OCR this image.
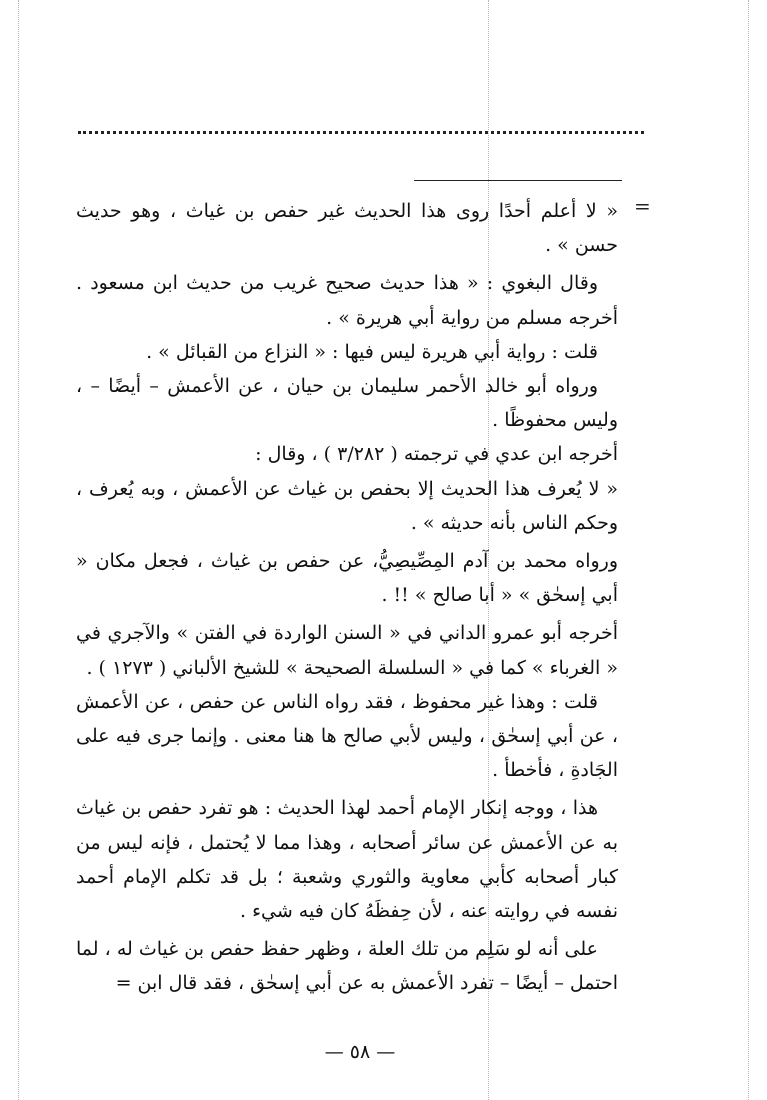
=

« لا أعلم أحدًا روى هذا الحديث غير حفص بن غياث ، وهو حديث حسن » .

وقال البغوي : « هذا حديث صحيح غريب من حديث ابن مسعود . أخرجه مسلم من رواية أبي هريرة » .

قلت : رواية أبي هريرة ليس فيها : « النزاع من القبائل » .

ورواه أبو خالد الأحمر سليمان بن حيان ، عن الأعمش – أيضًا – ، وليس محفوظًا .

أخرجه ابن عدي في ترجمته ( ٣/٢٨٢ ) ، وقال :

« لا يُعرف هذا الحديث إلا بحفص بن غياث عن الأعمش ، وبه يُعرف ، وحكم الناس بأنه حديثه » .

ورواه محمد بن آدم المِصِّيصِيُّ، عن حفص بن غياث ، فجعل مكان « أبي إسحٰق » « أبا صالح » !! .

أخرجه أبو عمرو الداني في « السنن الواردة في الفتن » والآجري في « الغرباء » كما في « السلسلة الصحيحة » للشيخ الألباني ( ١٢٧٣ ) .

قلت : وهذا غير محفوظ ، فقد رواه الناس عن حفص ، عن الأعمش ، عن أبي إسحٰق ، وليس لأبي صالح ها هنا معنى . وإنما جرى فيه على الجَادةِ ، فأخطأ .

هذا ، ووجه إنكار الإمام أحمد لهذا الحديث : هو تفرد حفص بن غياث به عن الأعمش عن سائر أصحابه ، وهذا مما لا يُحتمل ، فإنه ليس من كبار أصحابه كأبي معاوية والثوري وشعبة ؛ بل قد تكلم الإمام أحمد نفسه في روايته عنه ، لأن حِفظَهُ كان فيه شيء .

على أنه لو سَلِم من تلك العلة ، وظهر حفظ حفص بن غياث له ، لما احتمل – أيضًا – تفرد الأعمش به عن أبي إسحٰق ، فقد قال ابن =

— ٥٨ —
